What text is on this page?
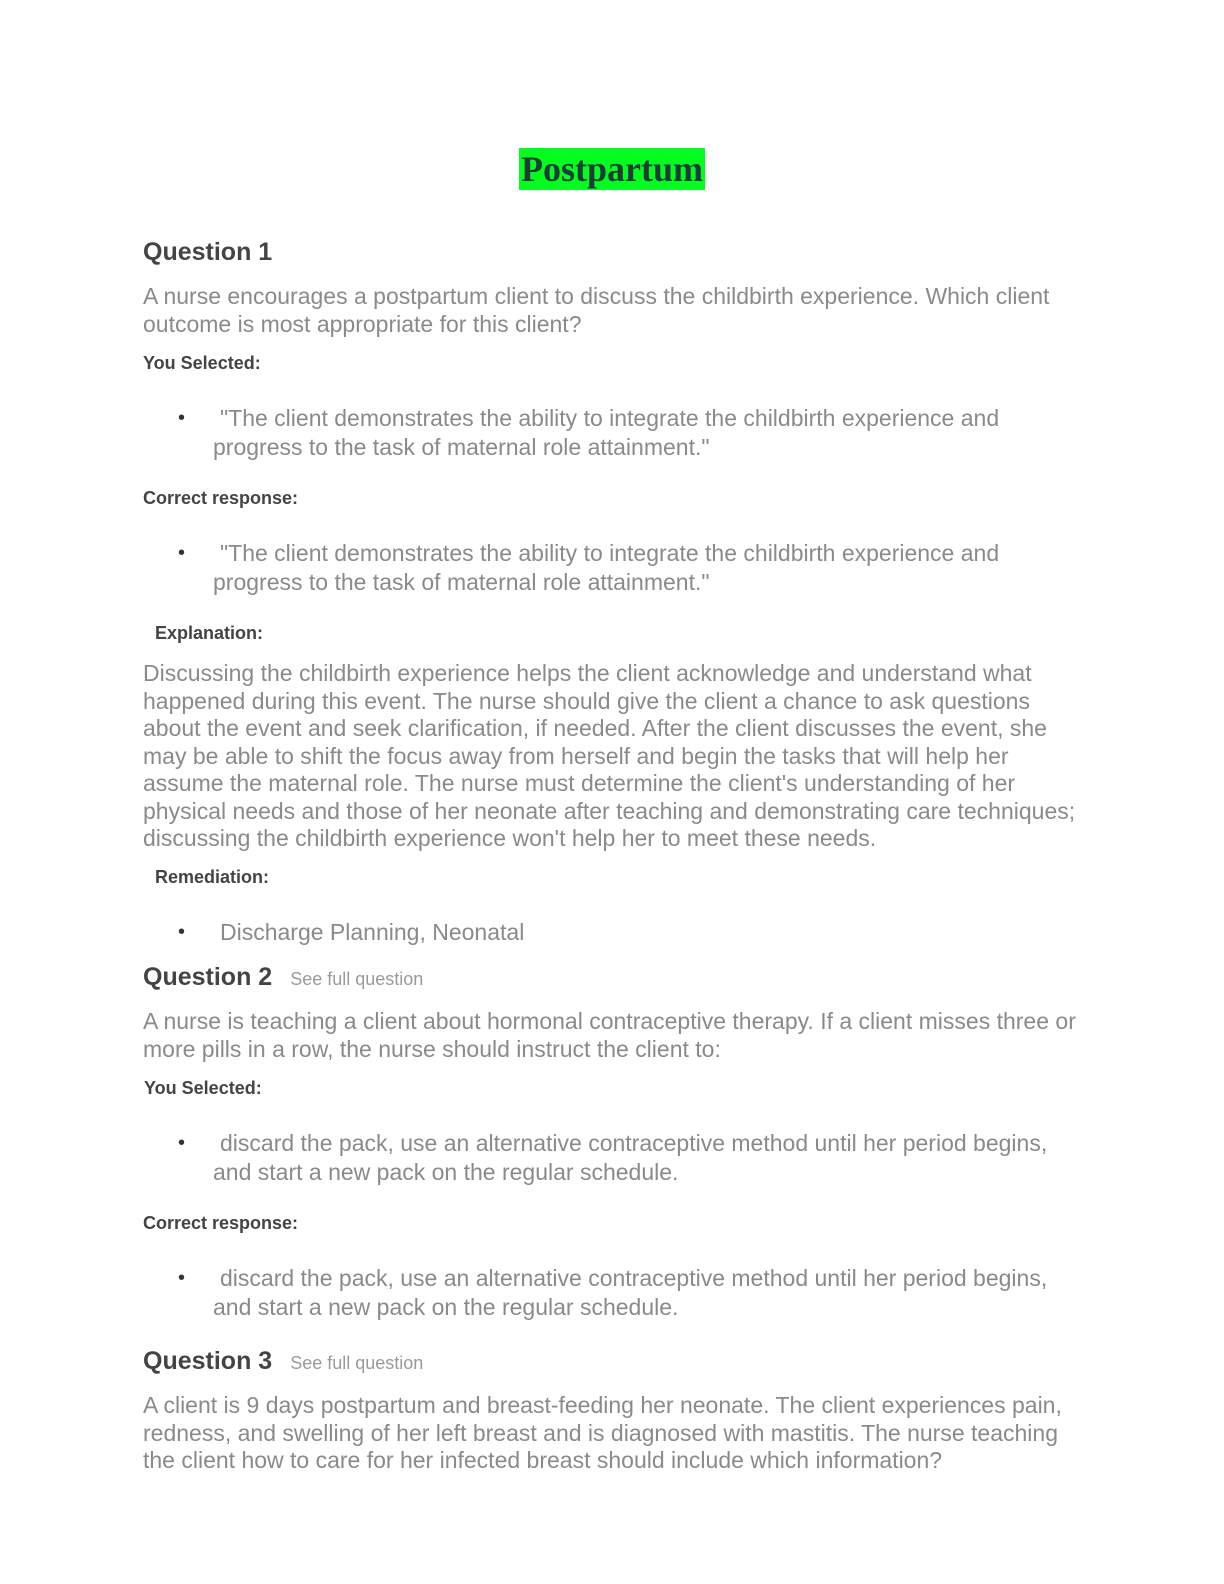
Postpartum
Question 1
A nurse encourages a postpartum client to discuss the childbirth experience. Which client outcome is most appropriate for this client?
You Selected:
•	"The client demonstrates the ability to integrate the childbirth experience and progress to the task of maternal role attainment."
Correct response:
•	"The client demonstrates the ability to integrate the childbirth experience and progress to the task of maternal role attainment."
Explanation:
Discussing the childbirth experience helps the client acknowledge and understand what happened during this event. The nurse should give the client a chance to ask questions about the event and seek clarification, if needed. After the client discusses the event, she may be able to shift the focus away from herself and begin the tasks that will help her assume the maternal role. The nurse must determine the client's understanding of her physical needs and those of her neonate after teaching and demonstrating care techniques; discussing the childbirth experience won't help her to meet these needs.
Remediation:
•	Discharge Planning, Neonatal
Question 2 See full question
A nurse is teaching a client about hormonal contraceptive therapy. If a client misses three or more pills in a row, the nurse should instruct the client to:
You Selected:
•	discard the pack, use an alternative contraceptive method until her period begins, and start a new pack on the regular schedule.
Correct response:
•	discard the pack, use an alternative contraceptive method until her period begins, and start a new pack on the regular schedule.
Question 3 See full question
A client is 9 days postpartum and breast-feeding her neonate. The client experiences pain, redness, and swelling of her left breast and is diagnosed with mastitis. The nurse teaching the client how to care for her infected breast should include which information?
